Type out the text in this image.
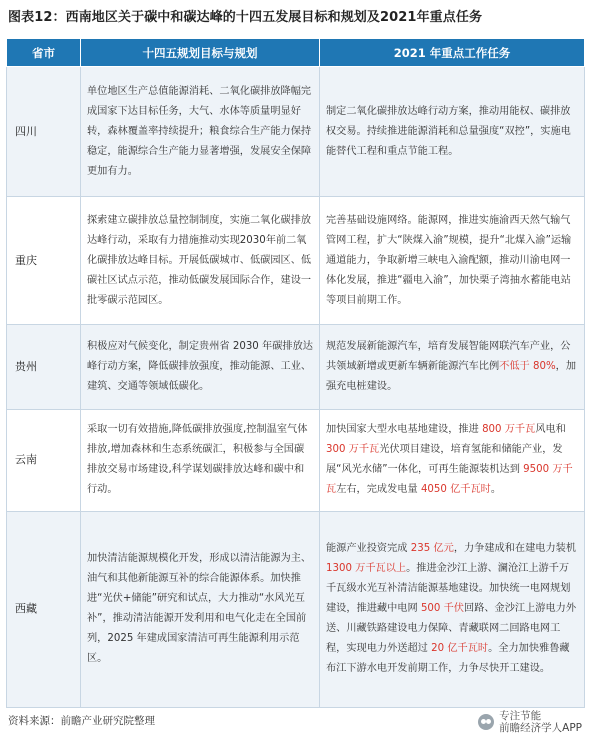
图表12：西南地区关于碳中和碳达峰的十四五发展目标和规划及2021年重点任务
省市	十四五规划目标与规划	2021 年重点工作任务
四川	单位地区生产总值能源消耗、二氧化碳排放降幅完成国家下达目标任务，大气、水体等质量明显好转，森林覆盖率持续提升；粮食综合生产能力保持稳定，能源综合生产能力显著增强，发展安全保障更加有力。	制定二氧化碳排放达峰行动方案，推动用能权、碳排放权交易。持续推进能源消耗和总量强度“双控”，实施电能替代工程和重点节能工程。
重庆	探索建立碳排放总量控制制度，实施二氧化碳排放达峰行动，采取有力措施推动实现2030年前二氧化碳排放达峰目标。开展低碳城市、低碳园区、低碳社区试点示范，推动低碳发展国际合作，建设一批零碳示范园区。	完善基础设施网络。能源网，推进实施渝西天然气输气管网工程，扩大“陕煤入渝”规模，提升“北煤入渝”运输通道能力，争取新增三峡电入渝配额，推动川渝电网一体化发展，推进“疆电入渝”，加快栗子湾抽水蓄能电站等项目前期工作。
贵州	积极应对气候变化，制定贵州省 2030 年碳排放达峰行动方案，降低碳排放强度，推动能源、工业、建筑、交通等领域低碳化。	规范发展新能源汽车，培育发展智能网联汽车产业，公共领域新增或更新车辆新能源汽车比例不低于 80%，加强充电桩建设。
云南	采取一切有效措施,降低碳排放强度,控制温室气体排放,增加森林和生态系统碳汇，积极参与全国碳排放交易市场建设,科学谋划碳排放达峰和碳中和行动。	加快国家大型水电基地建设，推进 800 万千瓦风电和 300 万千瓦光伏项目建设，培育氢能和储能产业，发展“风光水储”一体化，可再生能源装机达到 9500 万千瓦左右，完成发电量 4050 亿千瓦时。
西藏	加快清洁能源规模化开发，形成以清洁能源为主、油气和其他新能源互补的综合能源体系。加快推进“光伏+储能”研究和试点，大力推动“水风光互补”，推动清洁能源开发利用和电气化走在全国前列，2025 年建成国家清洁可再生能源利用示范区。	能源产业投资完成 235 亿元，力争建成和在建电力装机 1300 万千瓦以上。推进金沙江上游、澜沧江上游千万千瓦级水光互补清洁能源基地建设。加快统一电网规划建设，推进藏中电网 500 千伏回路、金沙江上游电力外送、川藏铁路建设电力保障、青藏联网二回路电网工程，实现电力外送超过 20 亿千瓦时。全力加快雅鲁藏布江下游水电开发前期工作，力争尽快开工建设。
资料来源：前瞻产业研究院整理	专注节能
前瞻经济学人APP
